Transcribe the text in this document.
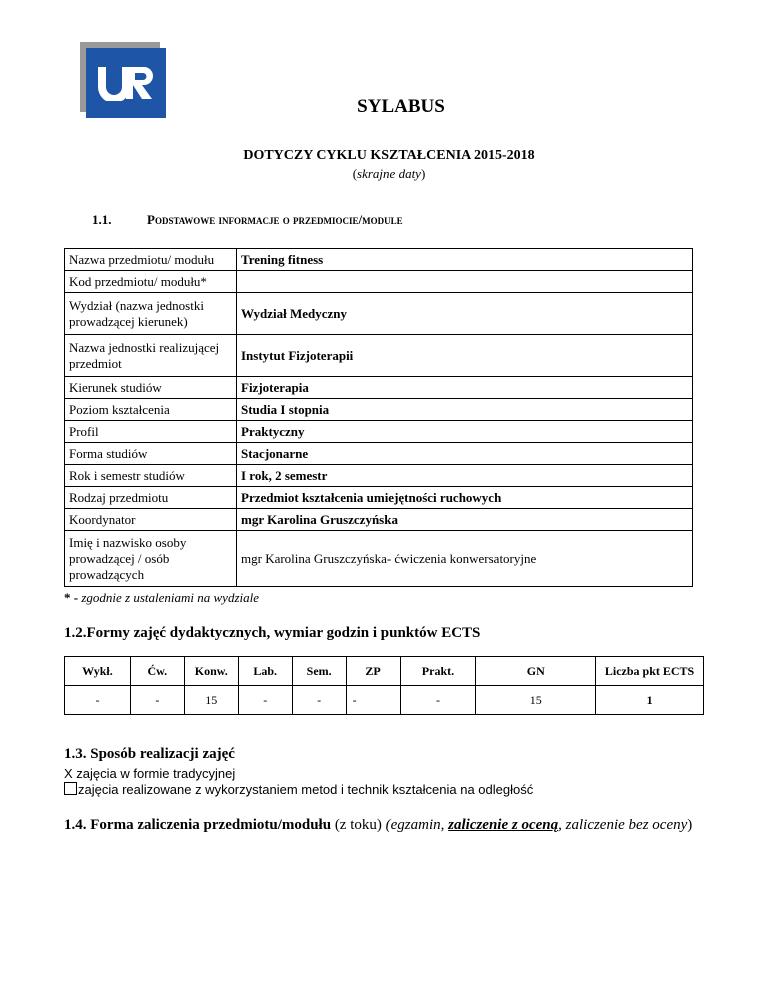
SYLABUS
DOTYCZY CYKLU KSZTAŁCENIA 2015-2018
(skrajne daty)
1.1.	Podstawowe informacje o przedmiocie/module
Nazwa przedmiotu/ modułu	Trening fitness
Kod przedmiotu/ modułu*	
Wydział (nazwa jednostki prowadzącej kierunek)	Wydział Medyczny
Nazwa jednostki realizującej przedmiot	Instytut Fizjoterapii
Kierunek studiów	Fizjoterapia
Poziom kształcenia	Studia I stopnia
Profil	Praktyczny
Forma studiów	Stacjonarne
Rok i semestr studiów	I rok, 2 semestr
Rodzaj przedmiotu	Przedmiot kształcenia umiejętności ruchowych
Koordynator	mgr Karolina Gruszczyńska
Imię i nazwisko osoby prowadzącej / osób prowadzących	mgr Karolina Gruszczyńska- ćwiczenia konwersatoryjne
* - zgodnie z ustaleniami na wydziale
1.2.Formy zajęć dydaktycznych, wymiar godzin i punktów ECTS
Wykł.	Ćw.	Konw.	Lab.	Sem.	ZP	Prakt.	GN	Liczba pkt ECTS
-	-	15	-	-	-	-	15	1
1.3. Sposób realizacji zajęć
X zajęcia w formie tradycyjnej
zajęcia realizowane z wykorzystaniem metod i technik kształcenia na odległość
1.4. Forma zaliczenia przedmiotu/modułu (z toku) (egzamin, zaliczenie z oceną, zaliczenie bez oceny)
